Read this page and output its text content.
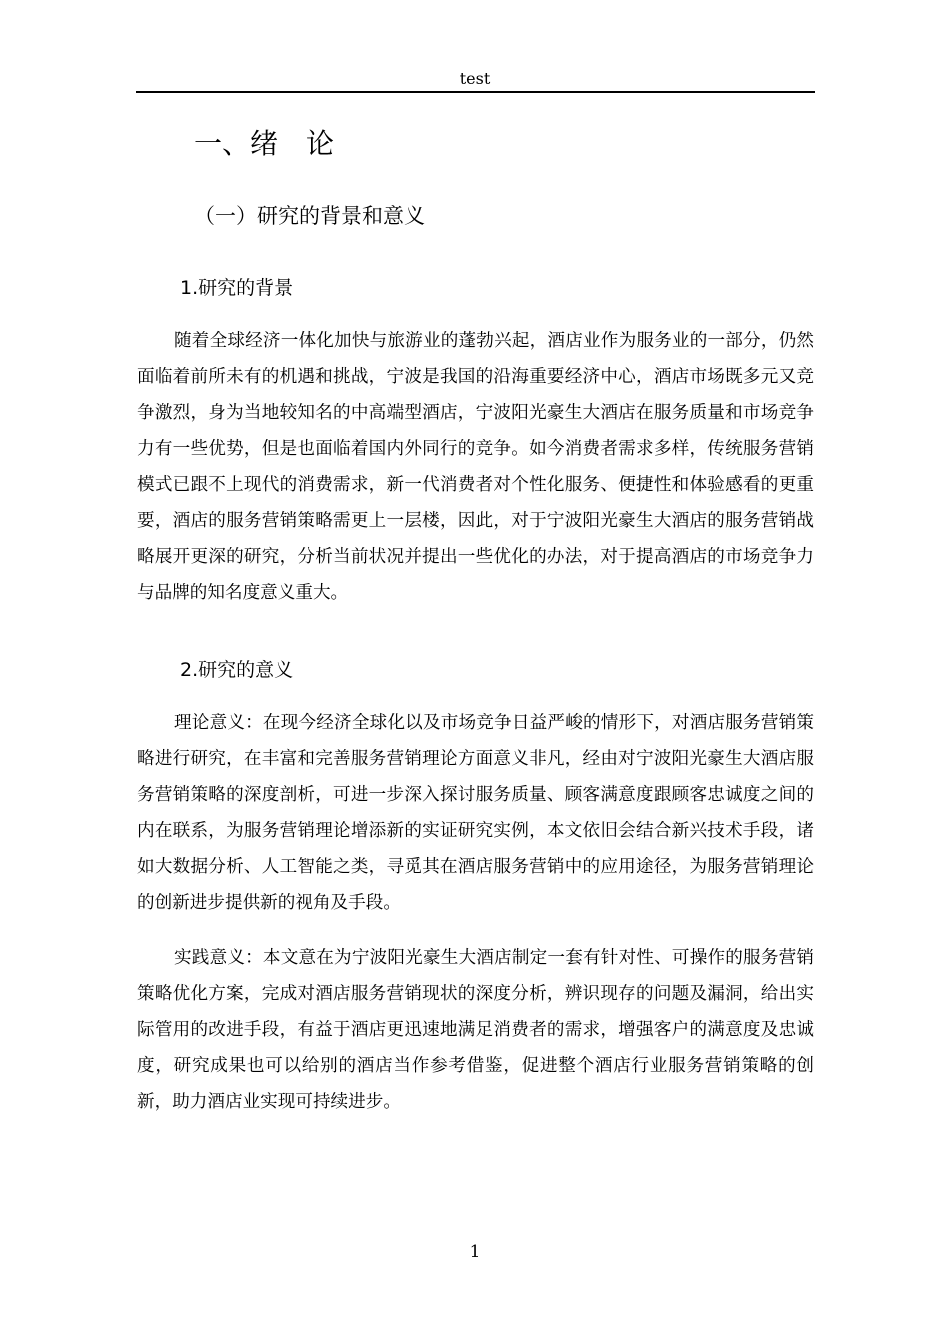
test
一、绪　论
（一）研究的背景和意义
1.研究的背景

随着全球经济一体化加快与旅游业的蓬勃兴起，酒店业作为服务业的一部分，仍然面临着前所未有的机遇和挑战，宁波是我国的沿海重要经济中心，酒店市场既多元又竞争激烈，身为当地较知名的中高端型酒店，宁波阳光豪生大酒店在服务质量和市场竞争力有一些优势，但是也面临着国内外同行的竞争。如今消费者需求多样，传统服务营销模式已跟不上现代的消费需求，新一代消费者对个性化服务、便捷性和体验感看的更重要，酒店的服务营销策略需更上一层楼，因此，对于宁波阳光豪生大酒店的服务营销战略展开更深的研究，分析当前状况并提出一些优化的办法，对于提高酒店的市场竞争力与品牌的知名度意义重大。

2.研究的意义

理论意义：在现今经济全球化以及市场竞争日益严峻的情形下，对酒店服务营销策略进行研究，在丰富和完善服务营销理论方面意义非凡，经由对宁波阳光豪生大酒店服务营销策略的深度剖析，可进一步深入探讨服务质量、顾客满意度跟顾客忠诚度之间的内在联系，为服务营销理论增添新的实证研究实例，本文依旧会结合新兴技术手段，诸如大数据分析、人工智能之类，寻觅其在酒店服务营销中的应用途径，为服务营销理论的创新进步提供新的视角及手段。

实践意义：本文意在为宁波阳光豪生大酒店制定一套有针对性、可操作的服务营销策略优化方案，完成对酒店服务营销现状的深度分析，辨识现存的问题及漏洞，给出实际管用的改进手段，有益于酒店更迅速地满足消费者的需求，增强客户的满意度及忠诚度，研究成果也可以给别的酒店当作参考借鉴，促进整个酒店行业服务营销策略的创新，助力酒店业实现可持续进步。

1
